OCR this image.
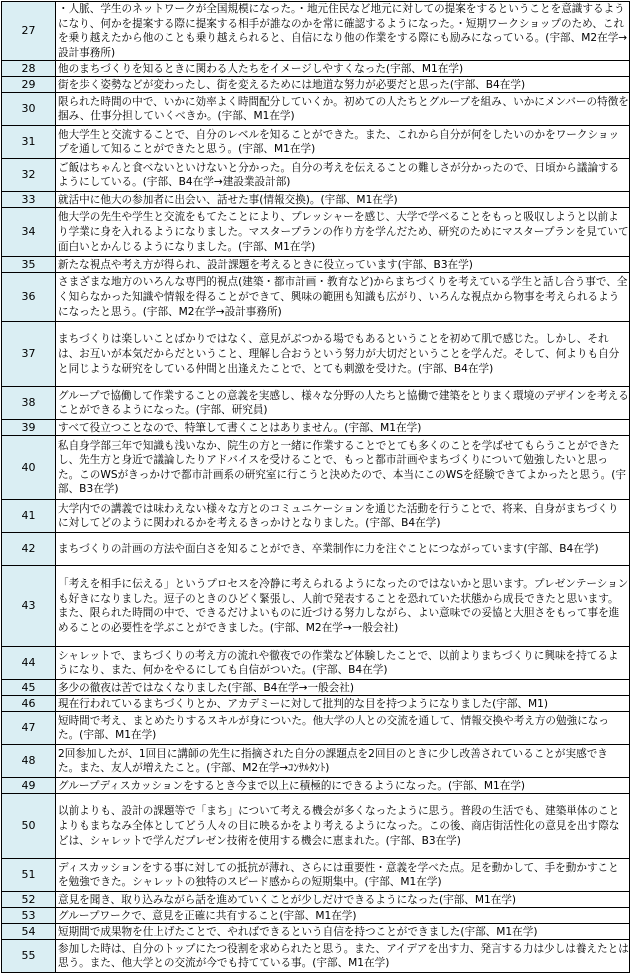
27	・人脈、学生のネットワークが全国規模になった。・地元住民など地元に対しての提案をするということを意識するようになり、何かを提案する際に提案する相手が誰なのかを常に確認するようになった。・短期ワークショップのため、これを乗り越えたから他のことも乗り越えられると、自信になり他の作業をする際にも励みになっている。(宇部、M2在学→設計事務所)
28	他のまちづくりを知るときに関わる人たちをイメージしやすくなった(宇部、M1在学)
29	街を歩く姿勢などが変わったし、街を変えるためには地道な努力が必要だと思った(宇部、B4在学)
30	限られた時間の中で、いかに効率よく時間配分していくか。初めての人たちとグループを組み、いかにメンバーの特徴を掴み、仕事分担していくべきか。(宇部、M1在学)
31	他大学生と交流することで、自分のレベルを知ることができた。また、これから自分が何をしたいのかをワークショップを通して知ることができたと思う。(宇部、M1在学)
32	ご飯はちゃんと食べないといけないと分かった。自分の考えを伝えることの難しさが分かったので、日頃から議論するようにしている。(宇部、B4在学→建設業設計部)
33	就活中に他大の参加者に出会い、話せた事(情報交換)。(宇部、M1在学)
34	他大学の先生や学生と交流をもてたことにより、プレッシャーを感じ、大学で学べることをもっと吸収しようと以前より学業に身を入れるようになりました。マスタープランの作り方を学んだため、研究のためにマスタープランを見ていて面白いとかんじるようになりました。(宇部、M1在学)
35	新たな視点や考え方が得られ、設計課題を考えるときに役立っています(宇部、B3在学)
36	さまざまな地方のいろんな専門的視点(建築・都市計画・教育など)からまちづくりを考えている学生と話し合う事で、全く知らなかった知識や情報を得ることができて、興味の範囲も知識も広がり、いろんな視点から物事を考えられるようになったと思う。(宇部、M2在学→設計事務所)
37	まちづくりは楽しいことばかりではなく、意見がぶつかる場でもあるということを初めて肌で感じた。しかし、それは、お互いが本気だからだということ、理解し合おうという努力が大切だということを学んだ。そして、何よりも自分と同じような研究をしている仲間と出逢えたことで、とても刺激を受けた。(宇部、B4在学)
38	グループで協働して作業することの意義を実感し、様々な分野の人たちと協働で建築をとりまく環境のデザインを考えることができるようになった。(宇部、研究員)
39	すべて役立つことなので、特筆して書くことはありません。(宇部、M1在学)
40	私自身学部三年で知識も浅いなか、院生の方と一緒に作業することでとても多くのことを学ばせてもらうことができたし、先生方と身近で議論したりアドバイスを受けることで、もっと都市計画やまちづくりについて勉強したいと思った。このWSがきっかけで都市計画系の研究室に行こうと決めたので、本当にこのWSを経験できてよかったと思う。(宇部、B3在学)
41	大学内での講義では味わえない様々な方とのコミュニケーションを通じた活動を行うことで、将来、自身がまちづくりに対してどのように関われるかを考えるきっかけとなりました。(宇部、B4在学)
42	まちづくりの計画の方法や面白さを知ることができ、卒業制作に力を注ぐことにつながっています(宇部、B4在学)
43	「考えを相手に伝える」というプロセスを冷静に考えられるようになったのではないかと思います。プレゼンテーションも好きになりました。逗子のときのひどく緊張し、人前で発表することを恐れていた状態から成長できたと思います。また、限られた時間の中で、できるだけよいものに近づける努力しながら、よい意味での妥協と大胆さをもって事を進めることの必要性を学ぶことができました。(宇部、M2在学→一般会社)
44	シャレットで、まちづくりの考え方の流れや徹夜での作業など体験したことで、以前よりまちづくりに興味を持てるようになり、また、何かをやるにしても自信がついた。(宇部、B4在学)
45	多少の徹夜は苦ではなくなりました(宇部、B4在学→一般会社)
46	現在行われているまちづくりとか、アカデミーに対して批判的な目を持つようになりました(宇部、M1)
47	短時間で考え、まとめたりするスキルが身についた。他大学の人との交流を通して、情報交換や考え方の勉強になった。(宇部、M1在学)
48	2回参加したが、1回目に講師の先生に指摘された自分の課題点を2回目のときに少し改善されていることが実感できた。また、友人が増えたこと。(宇部、M2在学→ｺﾝｻﾙﾀﾝﾄ)
49	グループディスカッションをするとき今まで以上に積極的にできるようになった。(宇部、M1在学)
50	以前よりも、設計の課題等で「まち」について考える機会が多くなったように思う。普段の生活でも、建築単体のことよりもまちなみ全体としてどう人々の目に映るかをより考えるようになった。この後、商店街活性化の意見を出す際などは、シャレットで学んだプレゼン技術を使用する機会に恵まれた。(宇部、B3在学)
51	ディスカッションをする事に対しての抵抗が薄れ、さらには重要性・意義を学べた点。足を動かして、手を動かすことを勉強できた。シャレットの独特のスピード感からの短期集中。(宇部、M1在学)
52	意見を聞き、取り込みながら話を進めていくことが少しだけできるようになった(宇部、M1在学)
53	グループワークで、意見を正確に共有すること(宇部、M1在学)
54	短期間で成果物を仕上げたことで、やればできるという自信を持つことができました(宇部、M1在学)
55	参加した時は、自分のトップにたつ役割を求められたと思う。また、アイデアを出す力、発言する力は少しは養えたとは思う。また、他大学との交流が今でも持てている事。(宇部、M1在学)
